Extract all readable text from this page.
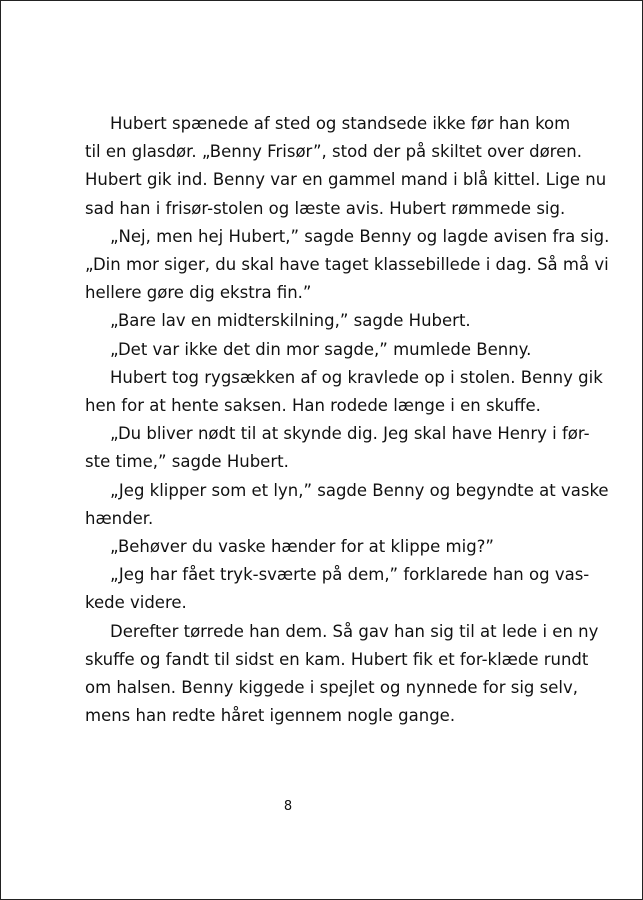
Hubert spænede af sted og standsede ikke før han kom
til en glasdør. „Benny Frisør”, stod der på skiltet over døren.
Hubert gik ind. Benny var en gammel mand i blå kittel. Lige nu
sad han i frisør-stolen og læste avis. Hubert rømmede sig.
„Nej, men hej Hubert,” sagde Benny og lagde avisen fra sig.
„Din mor siger, du skal have taget klassebillede i dag. Så må vi
hellere gøre dig ekstra fin.”
„Bare lav en midterskilning,” sagde Hubert.
„Det var ikke det din mor sagde,” mumlede Benny.
Hubert tog rygsækken af og kravlede op i stolen. Benny gik
hen for at hente saksen. Han rodede længe i en skuffe.
„Du bliver nødt til at skynde dig. Jeg skal have Henry i før-
ste time,” sagde Hubert.
„Jeg klipper som et lyn,” sagde Benny og begyndte at vaske
hænder.
„Behøver du vaske hænder for at klippe mig?”
„Jeg har fået tryk-sværte på dem,” forklarede han og vas-
kede videre.
Derefter tørrede han dem. Så gav han sig til at lede i en ny
skuffe og fandt til sidst en kam. Hubert fik et for-klæde rundt
om halsen. Benny kiggede i spejlet og nynnede for sig selv,
mens han redte håret igennem nogle gange.
8
